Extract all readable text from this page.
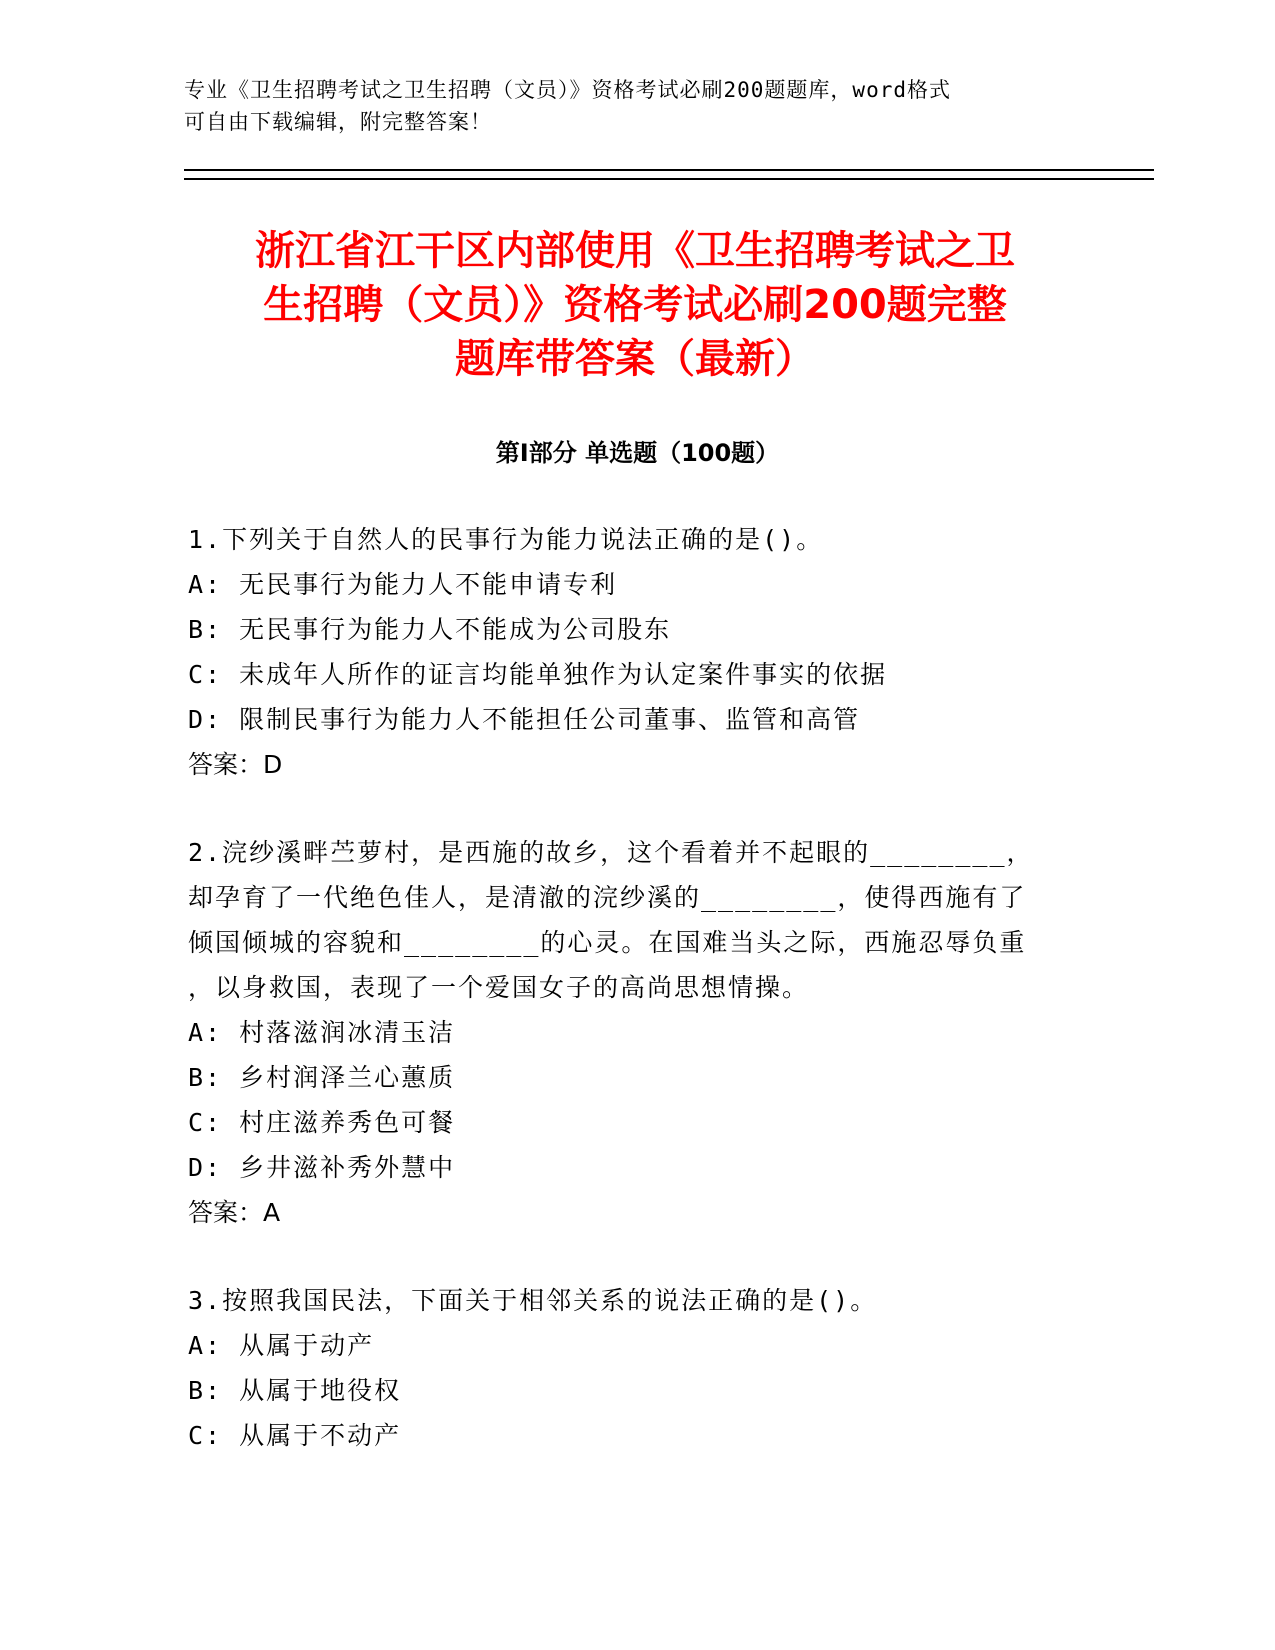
专业《卫生招聘考试之卫生招聘（文员）》资格考试必刷200题题库，word格式

可自由下载编辑，附完整答案！

浙江省江干区内部使用《卫生招聘考试之卫
生招聘（文员）》资格考试必刷200题完整
题库带答案（最新）
第Ⅰ部分 单选题（100题）

1.下列关于自然人的民事行为能力说法正确的是()。

A: 无民事行为能力人不能申请专利

B: 无民事行为能力人不能成为公司股东

C: 未成年人所作的证言均能单独作为认定案件事实的依据

D: 限制民事行为能力人不能担任公司董事、监管和高管

答案：D

2.浣纱溪畔苎萝村，是西施的故乡，这个看着并不起眼的________，

却孕育了一代绝色佳人，是清澈的浣纱溪的________，使得西施有了

倾国倾城的容貌和________的心灵。在国难当头之际，西施忍辱负重

，以身救国，表现了一个爱国女子的高尚思想情操。

A: 村落滋润冰清玉洁

B: 乡村润泽兰心蕙质

C: 村庄滋养秀色可餐

D: 乡井滋补秀外慧中

答案：A

3.按照我国民法，下面关于相邻关系的说法正确的是()。

A: 从属于动产

B: 从属于地役权

C: 从属于不动产
